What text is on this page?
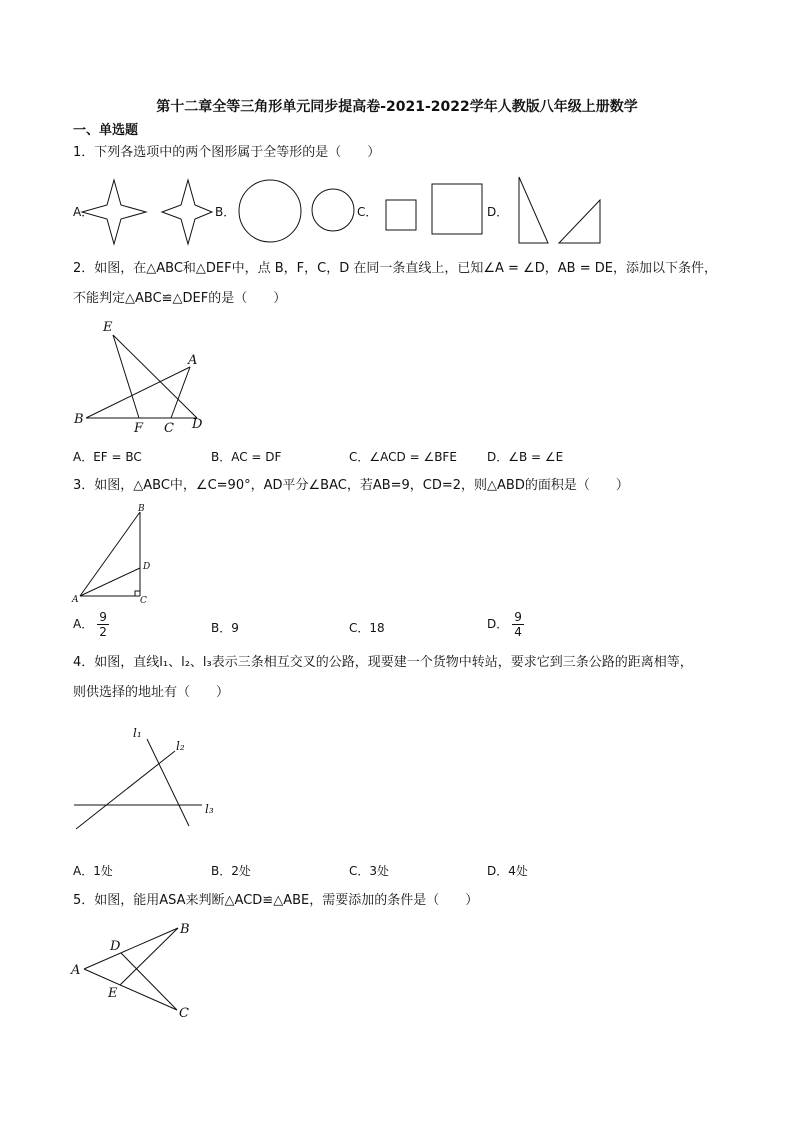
第十二章全等三角形单元同步提高卷-2021-2022学年人教版八年级上册数学
一、单选题
1．下列各选项中的两个图形属于全等形的是（　　）
A．	B．	C．	D．
2．如图，在△ABC和△DEF中，点 B，F，C，D 在同一条直线上，已知∠A = ∠D，AB = DE，添加以下条件，
不能判定△ABC≌△DEF的是（　　）
E
A
B
F C D
A．EF = BC	B．AC = DF	C．∠ACD = ∠BFE	D．∠B = ∠E
3．如图，△ABC中，∠C=90°，AD平分∠BAC，若AB=9，CD=2，则△ABD的面积是（　　）
B
D
A	C
A． $\frac{9}{2}$	B．9	C．18	D． $\frac{9}{4}$
4．如图，直线l₁、l₂、l₃表示三条相互交叉的公路，现要建一个货物中转站，要求它到三条公路的距离相等，
则供选择的地址有（　　）
l₁
l₂
l₃
A．1处	B．2处	C．3处	D．4处
5．如图，能用ASA来判断△ACD≌△ABE，需要添加的条件是（　　）
D
B
A
E
C
